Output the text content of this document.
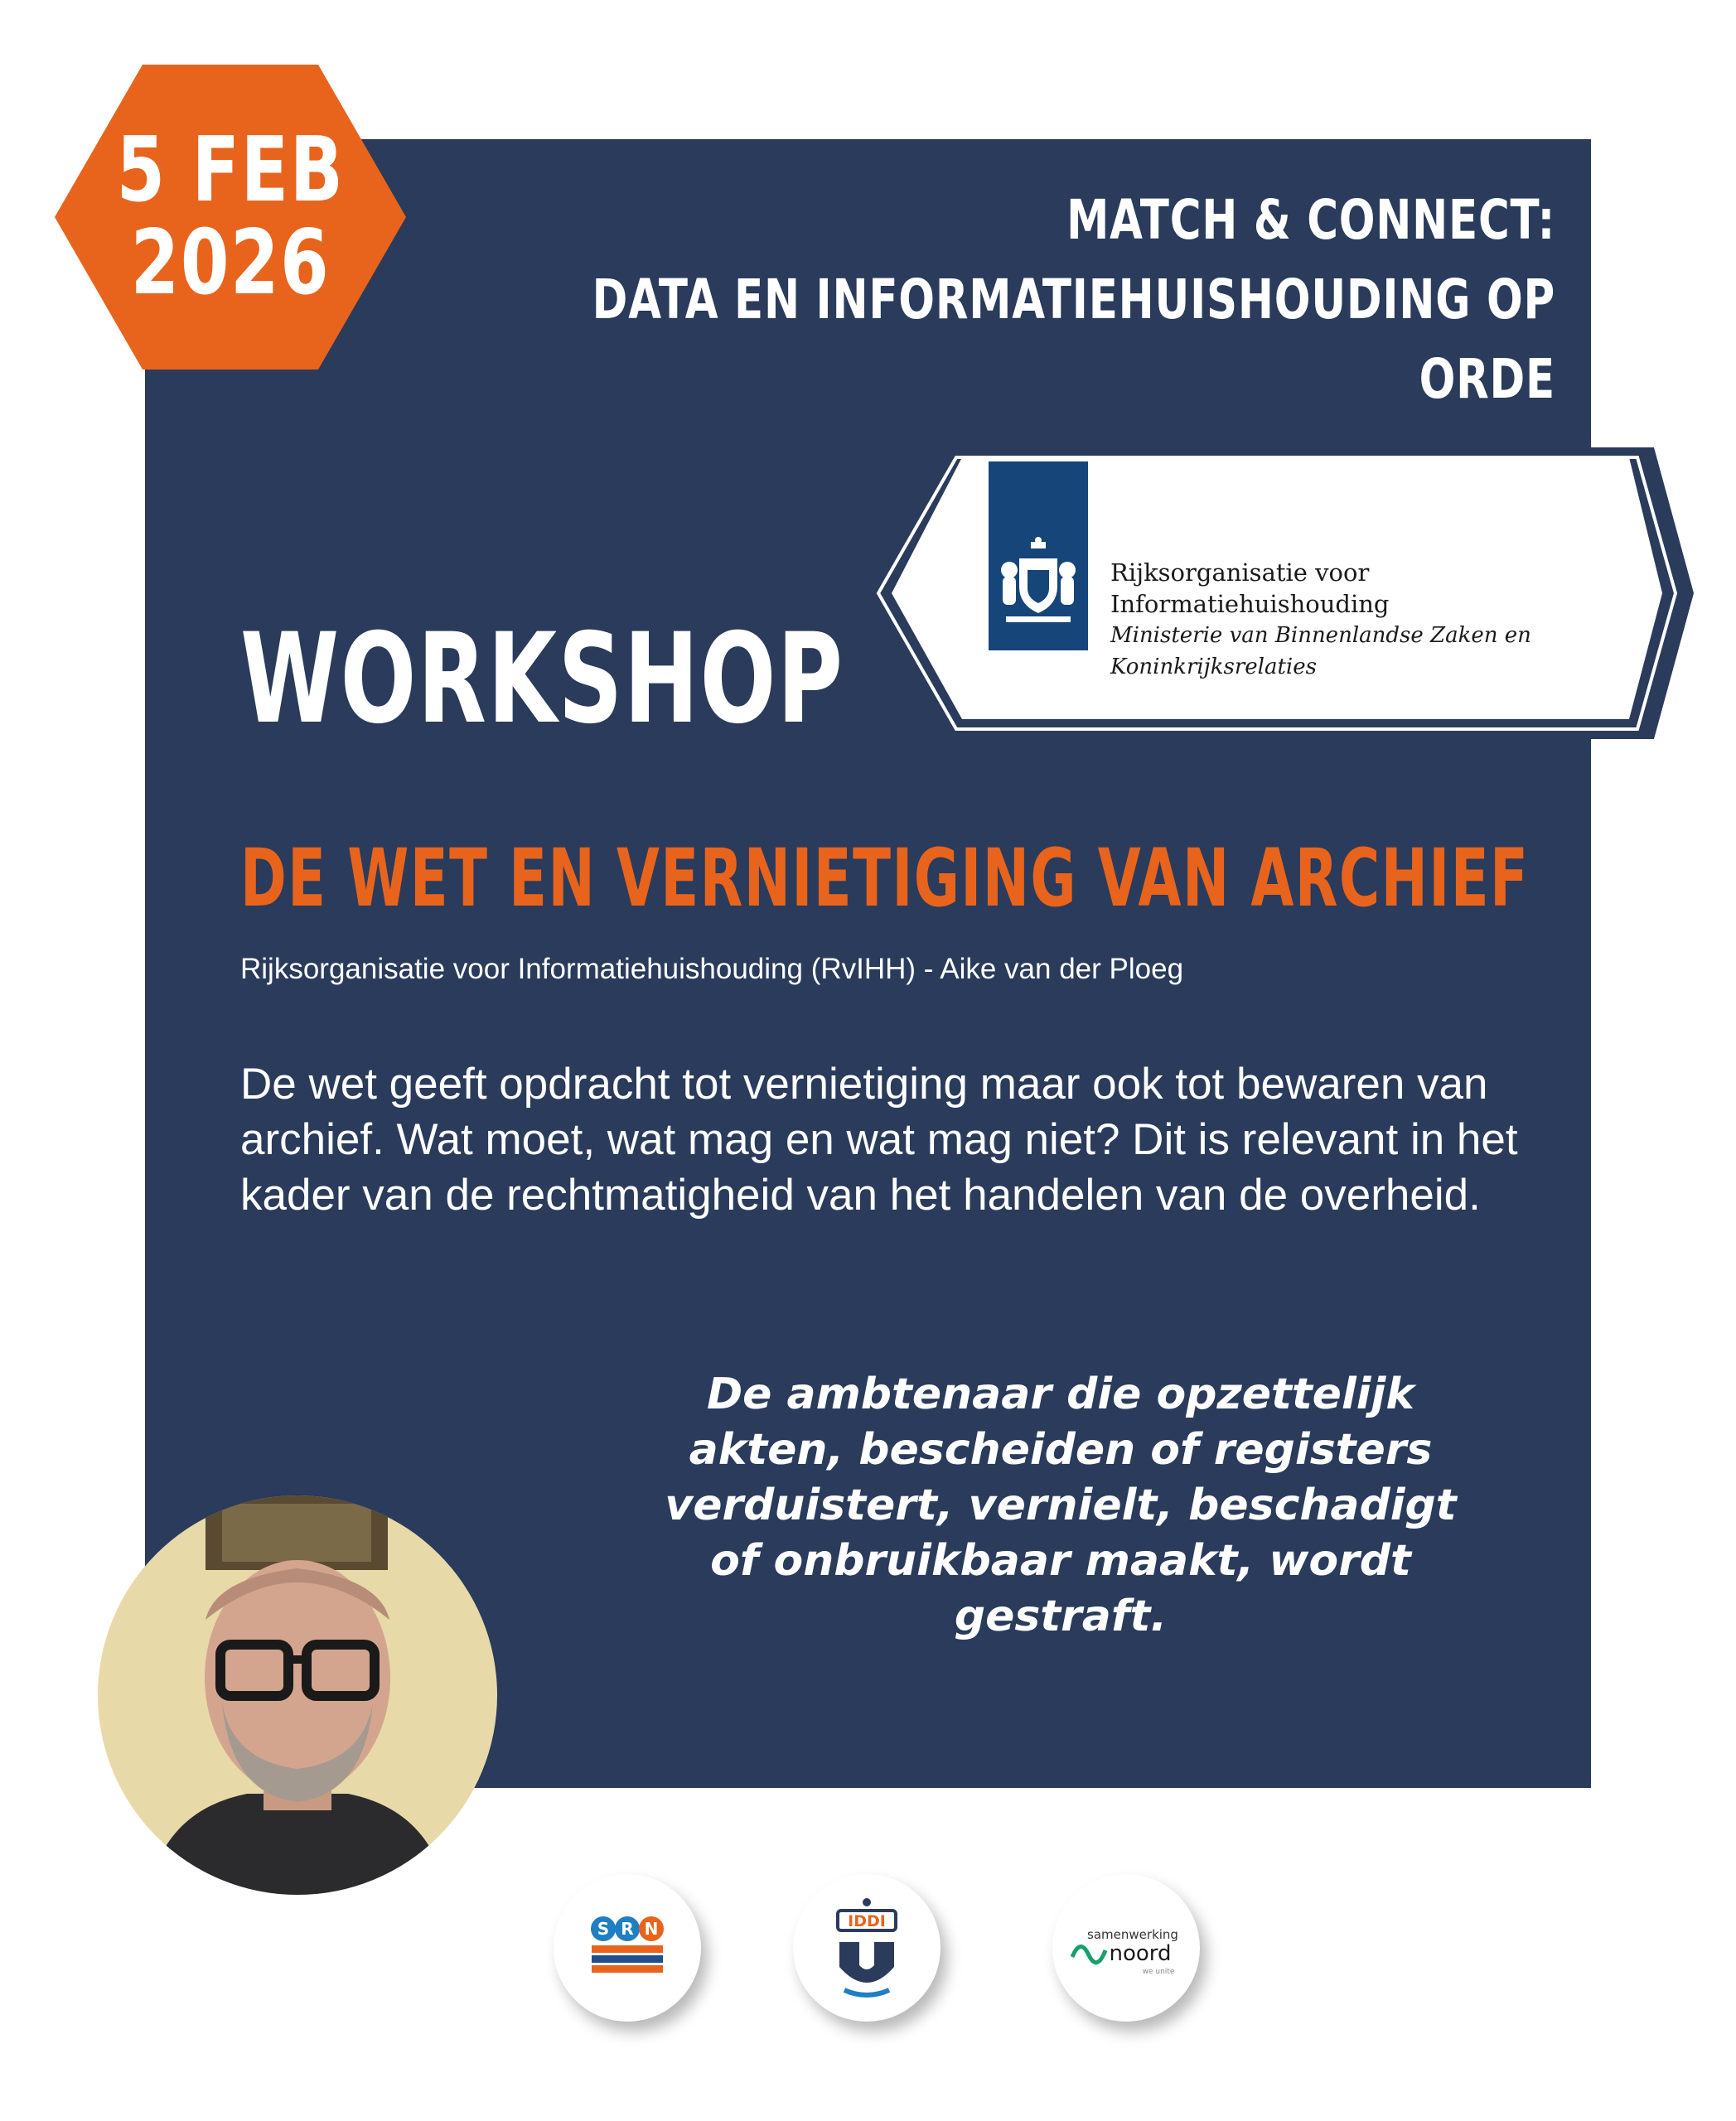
5 FEB
2026	MATCH & CONNECT:
DATA EN INFORMATIEHUISHOUDING OP ORDE
Rijksorganisatie voor
Informatiehuishouding
Ministerie van Binnenlandse Zaken en
Koninkrijksrelaties
WORKSHOP
DE WET EN VERNIETIGING VAN ARCHIEF
Rijksorganisatie voor Informatiehuishouding (RvIHH) - Aike van der Ploeg
De wet geeft opdracht tot vernietiging maar ook tot bewaren van archief. Wat moet, wat mag en wat mag niet? Dit is relevant in het kader van de rechtmatigheid van het handelen van de overheid.
De ambtenaar die opzettelijk akten, bescheiden of registers verduistert, vernielt, beschadigt of onbruikbaar maakt, wordt gestraft.
S R N	IDDI
samenwerking
noord
we unite
